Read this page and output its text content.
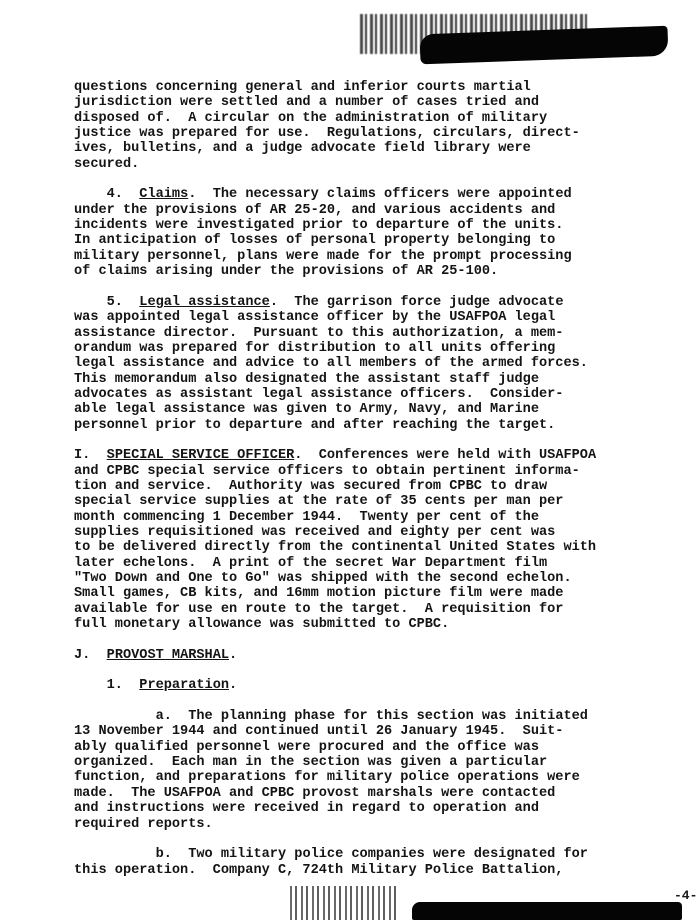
questions concerning general and inferior courts martial
jurisdiction were settled and a number of cases tried and
disposed of.  A circular on the administration of military
justice was prepared for use.  Regulations, circulars, direct-
ives, bulletins, and a judge advocate field library were
secured.
4. Claims.  The necessary claims officers were appointed
under the provisions of AR 25-20, and various accidents and
incidents were investigated prior to departure of the units.
In anticipation of losses of personal property belonging to
military personnel, plans were made for the prompt processing
of claims arising under the provisions of AR 25-100.
5. Legal assistance.  The garrison force judge advocate
was appointed legal assistance officer by the USAFPOA legal
assistance director.  Pursuant to this authorization, a mem-
orandum was prepared for distribution to all units offering
legal assistance and advice to all members of the armed forces.
This memorandum also designated the assistant staff judge
advocates as assistant legal assistance officers.  Consider-
able legal assistance was given to Army, Navy, and Marine
personnel prior to departure and after reaching the target.
I. SPECIAL SERVICE OFFICER.  Conferences were held with USAFPOA
and CPBC special service officers to obtain pertinent informa-
tion and service.  Authority was secured from CPBC to draw
special service supplies at the rate of 35 cents per man per
month commencing 1 December 1944.  Twenty per cent of the
supplies requisitioned was received and eighty per cent was
to be delivered directly from the continental United States with
later echelons.  A print of the secret War Department film
"Two Down and One to Go" was shipped with the second echelon.
Small games, CB kits, and 16mm motion picture film were made
available for use en route to the target.  A requisition for
full monetary allowance was submitted to CPBC.
J. PROVOST MARSHAL.
1. Preparation.
a. The planning phase for this section was initiated
13 November 1944 and continued until 26 January 1945.  Suit-
ably qualified personnel were procured and the office was
organized.  Each man in the section was given a particular
function, and preparations for military police operations were
made.  The USAFPOA and CPBC provost marshals were contacted
and instructions were received in regard to operation and
required reports.
b. Two military police companies were designated for
this operation.  Company C, 724th Military Police Battalion,
-4-
